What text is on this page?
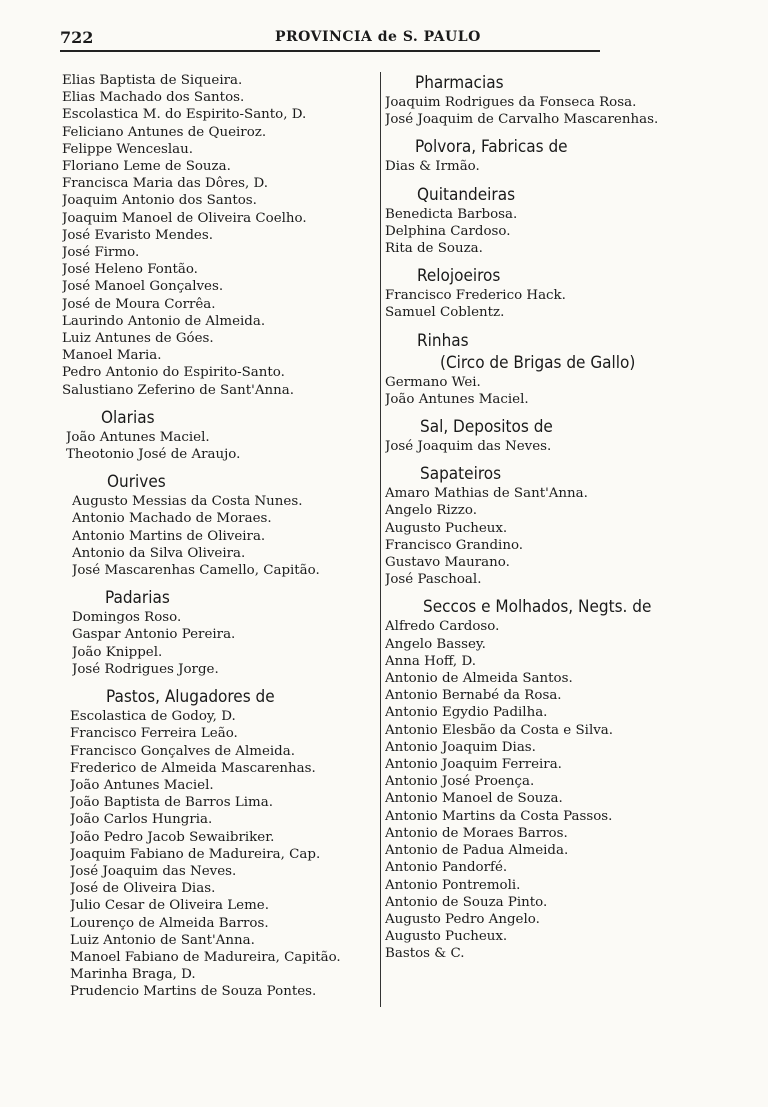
722	PROVINCIA de S. PAULO
Elias Baptista de Siqueira.
Elias Machado dos Santos.
Escolastica M. do Espirito-Santo, D.
Feliciano Antunes de Queiroz.
Felippe Wenceslau.
Floriano Leme de Souza.
Francisca Maria das Dôres, D.
Joaquim Antonio dos Santos.
Joaquim Manoel de Oliveira Coelho.
José Evaristo Mendes.
José Firmo.
José Heleno Fontão.
José Manoel Gonçalves.
José de Moura Corrêa.
Laurindo Antonio de Almeida.
Luiz Antunes de Góes.
Manoel Maria.
Pedro Antonio do Espirito-Santo.
Salustiano Zeferino de Sant'Anna.
Olarias
João Antunes Maciel.
Theotonio José de Araujo.
Ourives
Augusto Messias da Costa Nunes.
Antonio Machado de Moraes.
Antonio Martins de Oliveira.
Antonio da Silva Oliveira.
José Mascarenhas Camello, Capitão.
Padarias
Domingos Roso.
Gaspar Antonio Pereira.
João Knippel.
José Rodrigues Jorge.
Pastos, Alugadores de
Escolastica de Godoy, D.
Francisco Ferreira Leão.
Francisco Gonçalves de Almeida.
Frederico de Almeida Mascarenhas.
João Antunes Maciel.
João Baptista de Barros Lima.
João Carlos Hungria.
João Pedro Jacob Sewaibriker.
Joaquim Fabiano de Madureira, Cap.
José Joaquim das Neves.
José de Oliveira Dias.
Julio Cesar de Oliveira Leme.
Lourenço de Almeida Barros.
Luiz Antonio de Sant'Anna.
Manoel Fabiano de Madureira, Capitão.
Marinha Braga, D.
Prudencio Martins de Souza Pontes.
Pharmacias
Joaquim Rodrigues da Fonseca Rosa.
José Joaquim de Carvalho Mascarenhas.
Polvora, Fabricas de
Dias & Irmão.
Quitandeiras
Benedicta Barbosa.
Delphina Cardoso.
Rita de Souza.
Relojoeiros
Francisco Frederico Hack.
Samuel Coblentz.
Rinhas
(Circo de Brigas de Gallo)
Germano Wei.
João Antunes Maciel.
Sal, Depositos de
José Joaquim das Neves.
Sapateiros
Amaro Mathias de Sant'Anna.
Angelo Rizzo.
Augusto Pucheux.
Francisco Grandino.
Gustavo Maurano.
José Paschoal.
Seccos e Molhados, Negts. de
Alfredo Cardoso.
Angelo Bassey.
Anna Hoff, D.
Antonio de Almeida Santos.
Antonio Bernabé da Rosa.
Antonio Egydio Padilha.
Antonio Elesbão da Costa e Silva.
Antonio Joaquim Dias.
Antonio Joaquim Ferreira.
Antonio José Proença.
Antonio Manoel de Souza.
Antonio Martins da Costa Passos.
Antonio de Moraes Barros.
Antonio de Padua Almeida.
Antonio Pandorfé.
Antonio Pontremoli.
Antonio de Souza Pinto.
Augusto Pedro Angelo.
Augusto Pucheux.
Bastos & C.
